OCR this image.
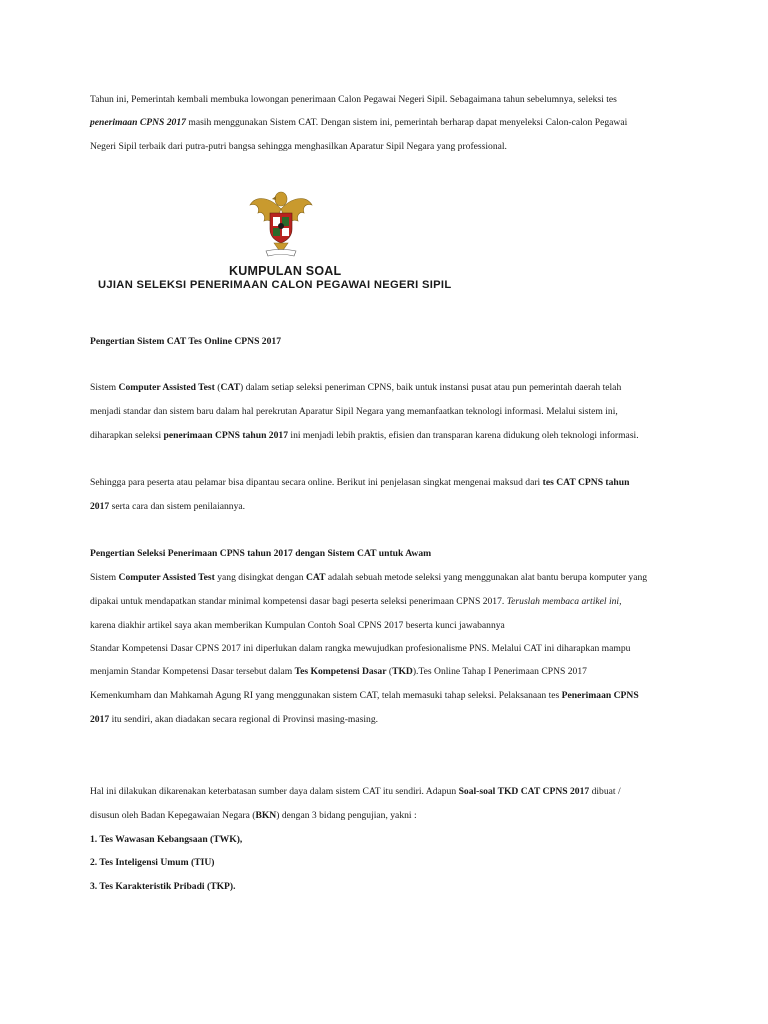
Tahun ini, Pemerintah kembali membuka lowongan penerimaan Calon Pegawai Negeri Sipil. Sebagaimana tahun sebelumnya, seleksi tes
penerimaan CPNS 2017 masih menggunakan Sistem CAT. Dengan sistem ini, pemerintah berharap dapat menyeleksi Calon-calon Pegawai
Negeri Sipil terbaik dari putra-putri bangsa sehingga menghasilkan Aparatur Sipil Negara yang professional.
KUMPULAN SOAL
UJIAN SELEKSI PENERIMAAN CALON PEGAWAI NEGERI SIPIL
Pengertian Sistem CAT Tes Online CPNS 2017
Sistem Computer Assisted Test (CAT) dalam setiap seleksi peneriman CPNS, baik untuk instansi pusat atau pun pemerintah daerah telah
menjadi standar dan sistem baru dalam hal perekrutan Aparatur Sipil Negara yang memanfaatkan teknologi informasi. Melalui sistem ini,
diharapkan seleksi penerimaan CPNS tahun 2017 ini menjadi lebih praktis, efisien dan transparan karena didukung oleh teknologi informasi.
Sehingga para peserta atau pelamar bisa dipantau secara online. Berikut ini penjelasan singkat mengenai maksud dari tes CAT CPNS tahun
2017 serta cara dan sistem penilaiannya.
Pengertian Seleksi Penerimaan CPNS tahun 2017 dengan Sistem CAT untuk Awam
Sistem Computer Assisted Test yang disingkat dengan CAT adalah sebuah metode seleksi yang menggunakan alat bantu berupa komputer yang
dipakai untuk mendapatkan standar minimal kompetensi dasar bagi peserta seleksi penerimaan CPNS 2017. Teruslah membaca artikel ini,
karena diakhir artikel saya akan memberikan Kumpulan Contoh Soal CPNS 2017 beserta kunci jawabannya
Standar Kompetensi Dasar CPNS 2017 ini diperlukan dalam rangka mewujudkan profesionalisme PNS. Melalui CAT ini diharapkan mampu
menjamin Standar Kompetensi Dasar tersebut dalam Tes Kompetensi Dasar (TKD).Tes Online Tahap I Penerimaan CPNS 2017
Kemenkumham dan Mahkamah Agung RI yang menggunakan sistem CAT, telah memasuki tahap seleksi. Pelaksanaan tes Penerimaan CPNS
2017 itu sendiri, akan diadakan secara regional di Provinsi masing-masing.
Hal ini dilakukan dikarenakan keterbatasan sumber daya dalam sistem CAT itu sendiri. Adapun Soal-soal TKD CAT CPNS 2017 dibuat /
disusun oleh Badan Kepegawaian Negara (BKN) dengan 3 bidang pengujian, yakni :
1. Tes Wawasan Kebangsaan (TWK),
2. Tes Inteligensi Umum (TIU)
3. Tes Karakteristik Pribadi (TKP).
